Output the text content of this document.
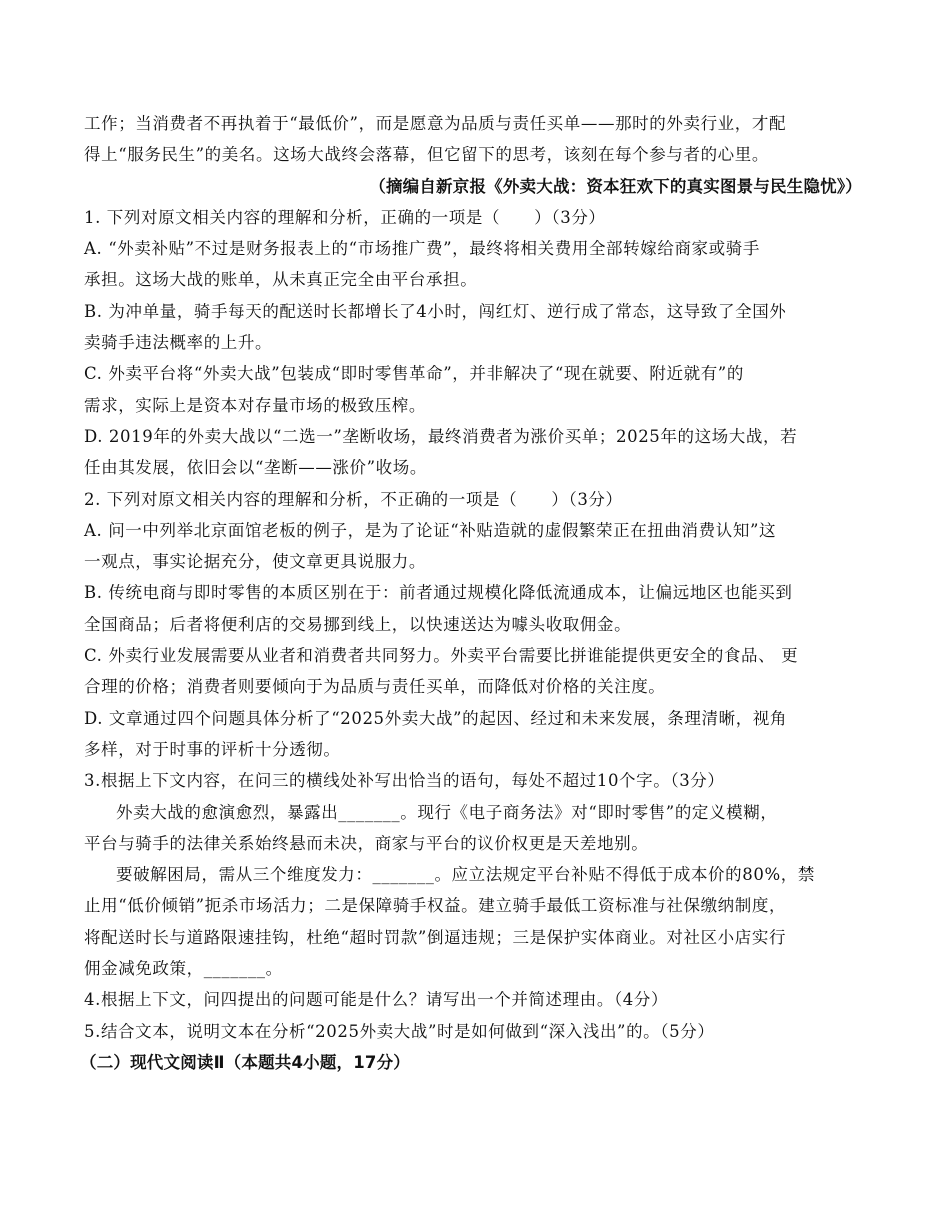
工作；当消费者不再执着于“最低价”，而是愿意为品质与责任买单——那时的外卖行业，才配
得上“服务民生”的美名。这场大战终会落幕，但它留下的思考，该刻在每个参与者的心里。
（摘编自新京报《外卖大战：资本狂欢下的真实图景与民生隐忧》）
1. 下列对原文相关内容的理解和分析，正确的一项是（　　）（3分）
A. “外卖补贴”不过是财务报表上的“市场推广费”，最终将相关费用全部转嫁给商家或骑手
承担。这场大战的账单，从未真正完全由平台承担。
B. 为冲单量，骑手每天的配送时长都增长了4小时，闯红灯、逆行成了常态，这导致了全国外
卖骑手违法概率的上升。
C. 外卖平台将“外卖大战”包装成“即时零售革命”，并非解决了“现在就要、附近就有”的
需求，实际上是资本对存量市场的极致压榨。
D. 2019年的外卖大战以“二选一”垄断收场，最终消费者为涨价买单；2025年的这场大战，若
任由其发展，依旧会以“垄断——涨价”收场。
2. 下列对原文相关内容的理解和分析，不正确的一项是（　　）（3分）
A. 问一中列举北京面馆老板的例子，是为了论证“补贴造就的虚假繁荣正在扭曲消费认知”这
一观点，事实论据充分，使文章更具说服力。
B. 传统电商与即时零售的本质区别在于：前者通过规模化降低流通成本，让偏远地区也能买到
全国商品；后者将便利店的交易挪到线上，以快速送达为噱头收取佣金。
C. 外卖行业发展需要从业者和消费者共同努力。外卖平台需要比拼谁能提供更安全的食品、 更
合理的价格；消费者则要倾向于为品质与责任买单，而降低对价格的关注度。
D. 文章通过四个问题具体分析了“2025外卖大战”的起因、经过和未来发展，条理清晰，视角
多样，对于时事的评析十分透彻。
3.根据上下文内容，在问三的横线处补写出恰当的语句，每处不超过10个字。（3分）
外卖大战的愈演愈烈，暴露出_______。现行《电子商务法》对“即时零售”的定义模糊，
平台与骑手的法律关系始终悬而未决，商家与平台的议价权更是天差地别。
要破解困局，需从三个维度发力：_______。应立法规定平台补贴不得低于成本价的80%，禁
止用“低价倾销”扼杀市场活力；二是保障骑手权益。建立骑手最低工资标准与社保缴纳制度，
将配送时长与道路限速挂钩，杜绝“超时罚款”倒逼违规；三是保护实体商业。对社区小店实行
佣金减免政策，_______。
4.根据上下文，问四提出的问题可能是什么？请写出一个并简述理由。（4分）
5.结合文本，说明文本在分析“2025外卖大战”时是如何做到“深入浅出”的。（5分）
（二）现代文阅读Ⅱ（本题共4小题，17分）
